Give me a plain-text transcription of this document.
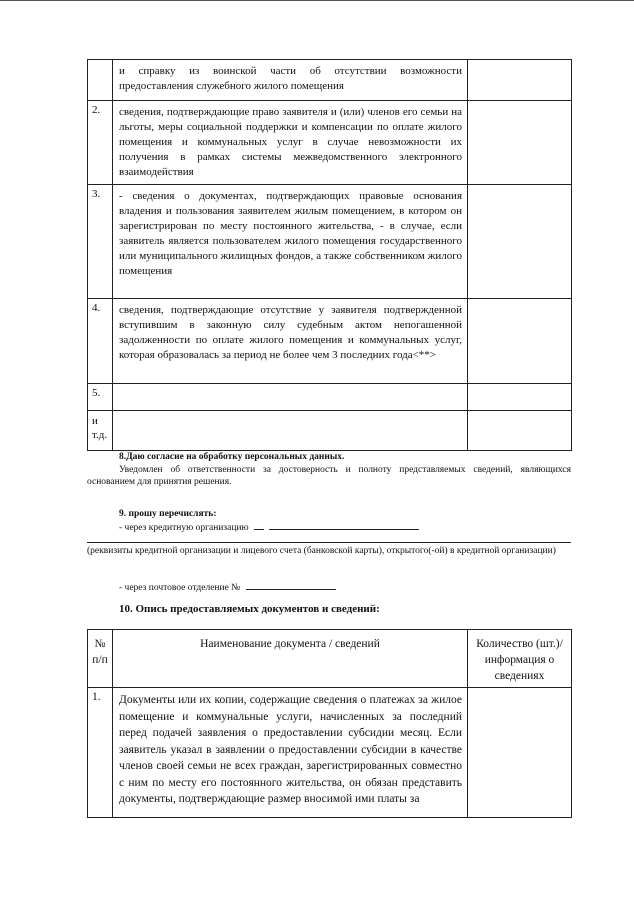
	и справку из воинской части об отсутствии возможности предоставления служебного жилого помещения	
2.	сведения, подтверждающие право заявителя и (или) членов его семьи на льготы, меры социальной поддержки и компенсации по оплате жилого помещения и коммунальных услуг в случае невозможности их получения в рамках системы межведомственного электронного взаимодействия	
3.	- сведения о документах, подтверждающих правовые основания владения и пользования заявителем жилым помещением, в котором он зарегистрирован по месту постоянного жительства, - в случае, если заявитель является пользователем жилого помещения государственного или муниципального жилищных фондов, а также собственником жилого помещения	
4.	сведения, подтверждающие отсутствие у заявителя подтвержденной вступившим в законную силу судебным актом непогашенной задолженности по оплате жилого помещения и коммунальных услуг, которая образовалась за период не более чем 3 последних года<**>	
5.		
и т.д.		
8.Даю согласие на обработку персональных данных.
Уведомлен об ответственности за достоверность и полноту представляемых сведений, являющихся основанием для принятия решения.
9. прошу перечислять:
- через кредитную организацию
(реквизиты кредитной организации и лицевого счета (банковской карты), открытого(-ой) в кредитной организации)
- через почтовое отделение №
10. Опись предоставляемых документов и сведений:
№ п/п	Наименование документа / сведений	Количество (шт.)/информация о сведениях
1.	Документы или их копии, содержащие сведения о платежах за жилое помещение и коммунальные услуги, начисленных за последний перед подачей заявления о предоставлении субсидии месяц. Если заявитель указал в заявлении о предоставлении субсидии в качестве членов своей семьи не всех граждан, зарегистрированных совместно с ним по месту его постоянного жительства, он обязан представить документы, подтверждающие размер вносимой ими платы за	
